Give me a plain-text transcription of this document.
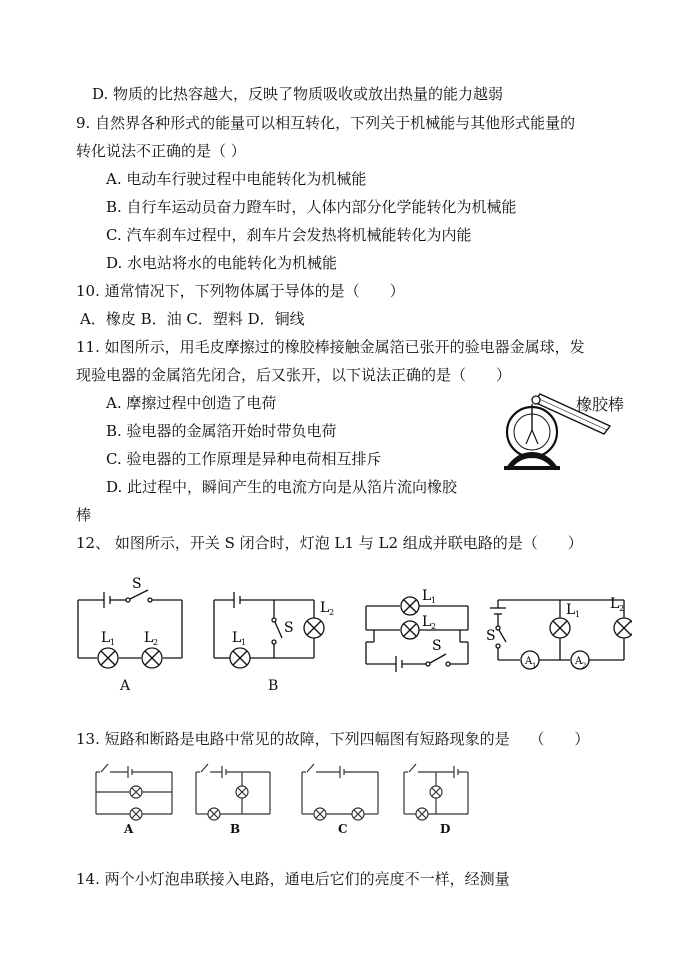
D. 物质的比热容越大，反映了物质吸收或放出热量的能力越弱
9. 自然界各种形式的能量可以相互转化，下列关于机械能与其他形式能量的
转化说法不正确的是（ ）
A. 电动车行驶过程中电能转化为机械能
B. 自行车运动员奋力蹬车时，人体内部分化学能转化为机械能
C. 汽车刹车过程中，刹车片会发热将机械能转化为内能
D. 水电站将水的电能转化为机械能
10. 通常情况下，下列物体属于导体的是（　　）
A．橡皮 B．油 C．塑料 D．铜线
11. 如图所示，用毛皮摩擦过的橡胶棒接触金属箔已张开的验电器金属球，发
现验电器的金属箔先闭合，后又张开，以下说法正确的是（　　）
A. 摩擦过程中创造了电荷
B. 验电器的金属箔开始时带负电荷
C. 验电器的工作原理是异种电荷相互排斥
D. 此过程中，瞬间产生的电流方向是从箔片流向橡胶
棒
橡胶棒
12、 如图所示，开关 S 闭合时，灯泡 L1 与 L2 组成并联电路的是（　　）
S
L 1 L 2
A
S
L 1
L 2
B
L 1
L 2
S
S
L 1
L 2
A 1	A 2
13. 短路和断路是电路中常见的故障，下列四幅图有短路现象的是　 （　　）
A	B	C	D
14. 两个小灯泡串联接入电路，通电后它们的亮度不一样，经测量
